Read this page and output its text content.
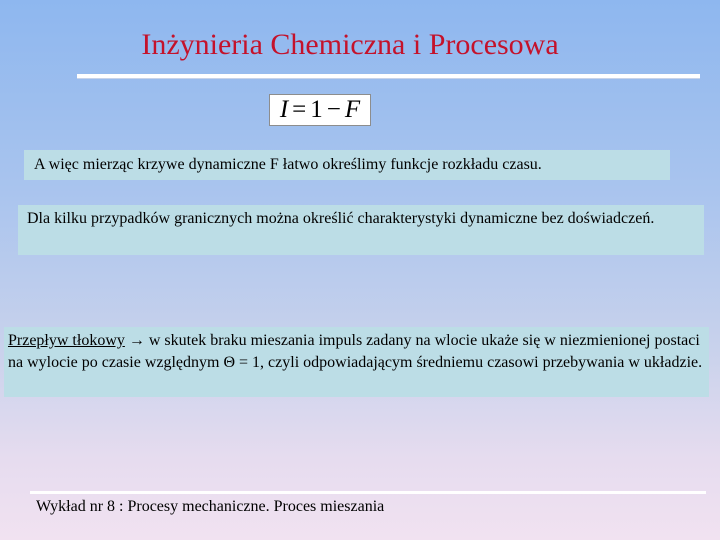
Inżynieria Chemiczna i Procesowa
I = 1 − F
A więc mierząc krzywe dynamiczne F łatwo określimy funkcje rozkładu czasu.
Dla kilku przypadków granicznych można określić charakterystyki dynamiczne bez doświadczeń.
Przepływ tłokowy → w skutek braku mieszania impuls zadany na wlocie ukaże się w niezmienionej postaci na wylocie po czasie względnym Θ = 1, czyli odpowiadającym średniemu czasowi przebywania w układzie.
Wykład nr 8 : Procesy mechaniczne. Proces mieszania
